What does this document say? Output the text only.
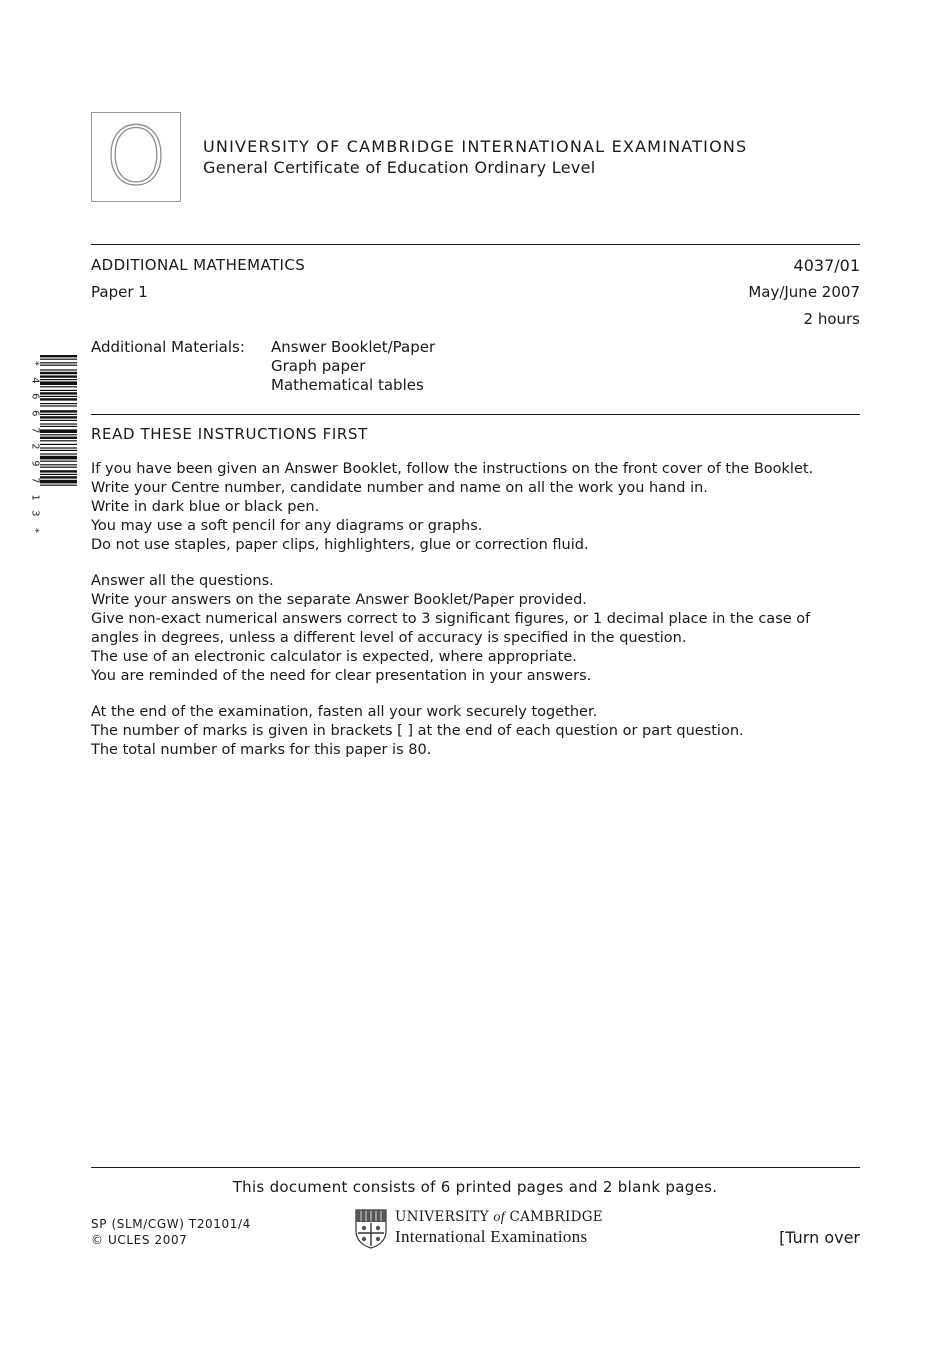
O	UNIVERSITY OF CAMBRIDGE INTERNATIONAL EXAMINATIONS
General Certificate of Education Ordinary Level
ADDITIONAL MATHEMATICS	4037/01
Paper 1	May/June 2007
2 hours
Additional Materials: Answer Booklet/Paper
Graph paper
Mathematical tables
*
4
6
6
7
2
9
7
1
3
*
READ THESE INSTRUCTIONS FIRST

If you have been given an Answer Booklet, follow the instructions on the front cover of the Booklet.

Write your Centre number, candidate number and name on all the work you hand in.

Write in dark blue or black pen.

You may use a soft pencil for any diagrams or graphs.

Do not use staples, paper clips, highlighters, glue or correction fluid.

Answer all the questions.

Write your answers on the separate Answer Booklet/Paper provided.

Give non-exact numerical answers correct to 3 significant figures, or 1 decimal place in the case of

angles in degrees, unless a different level of accuracy is specified in the question.

The use of an electronic calculator is expected, where appropriate.

You are reminded of the need for clear presentation in your answers.

At the end of the examination, fasten all your work securely together.

The number of marks is given in brackets [ ] at the end of each question or part question.

The total number of marks for this paper is 80.

This document consists of 6 printed pages and 2 blank pages.
SP (SLM/CGW) T20101/4
© UCLES 2007
UNIVERSITY of CAMBRIDGE
International Examinations	[Turn over
